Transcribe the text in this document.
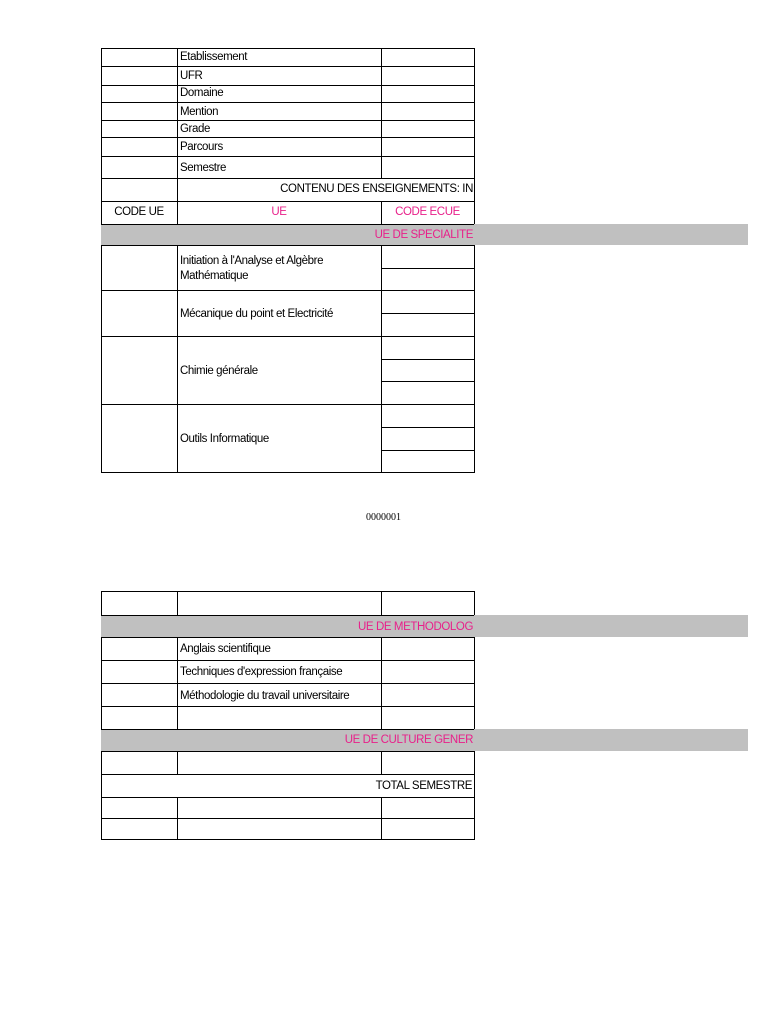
Etablissement
UFR
Domaine
Mention
Grade
Parcours
Semestre
CONTENU DES ENSEIGNEMENTS: IN
CODE UE	UE	CODE ECUE
UE DE SPECIALITE
Initiation à l'Analyse et Algèbre
Mathématique
Mécanique du point et Electricité
Chimie générale
Outils Informatique
0000001
UE DE METHODOLOG
UE DE CULTURE GENER
Anglais scientifique
Techniques d'expression française
Méthodologie du travail universitaire
TOTAL SEMESTRE
